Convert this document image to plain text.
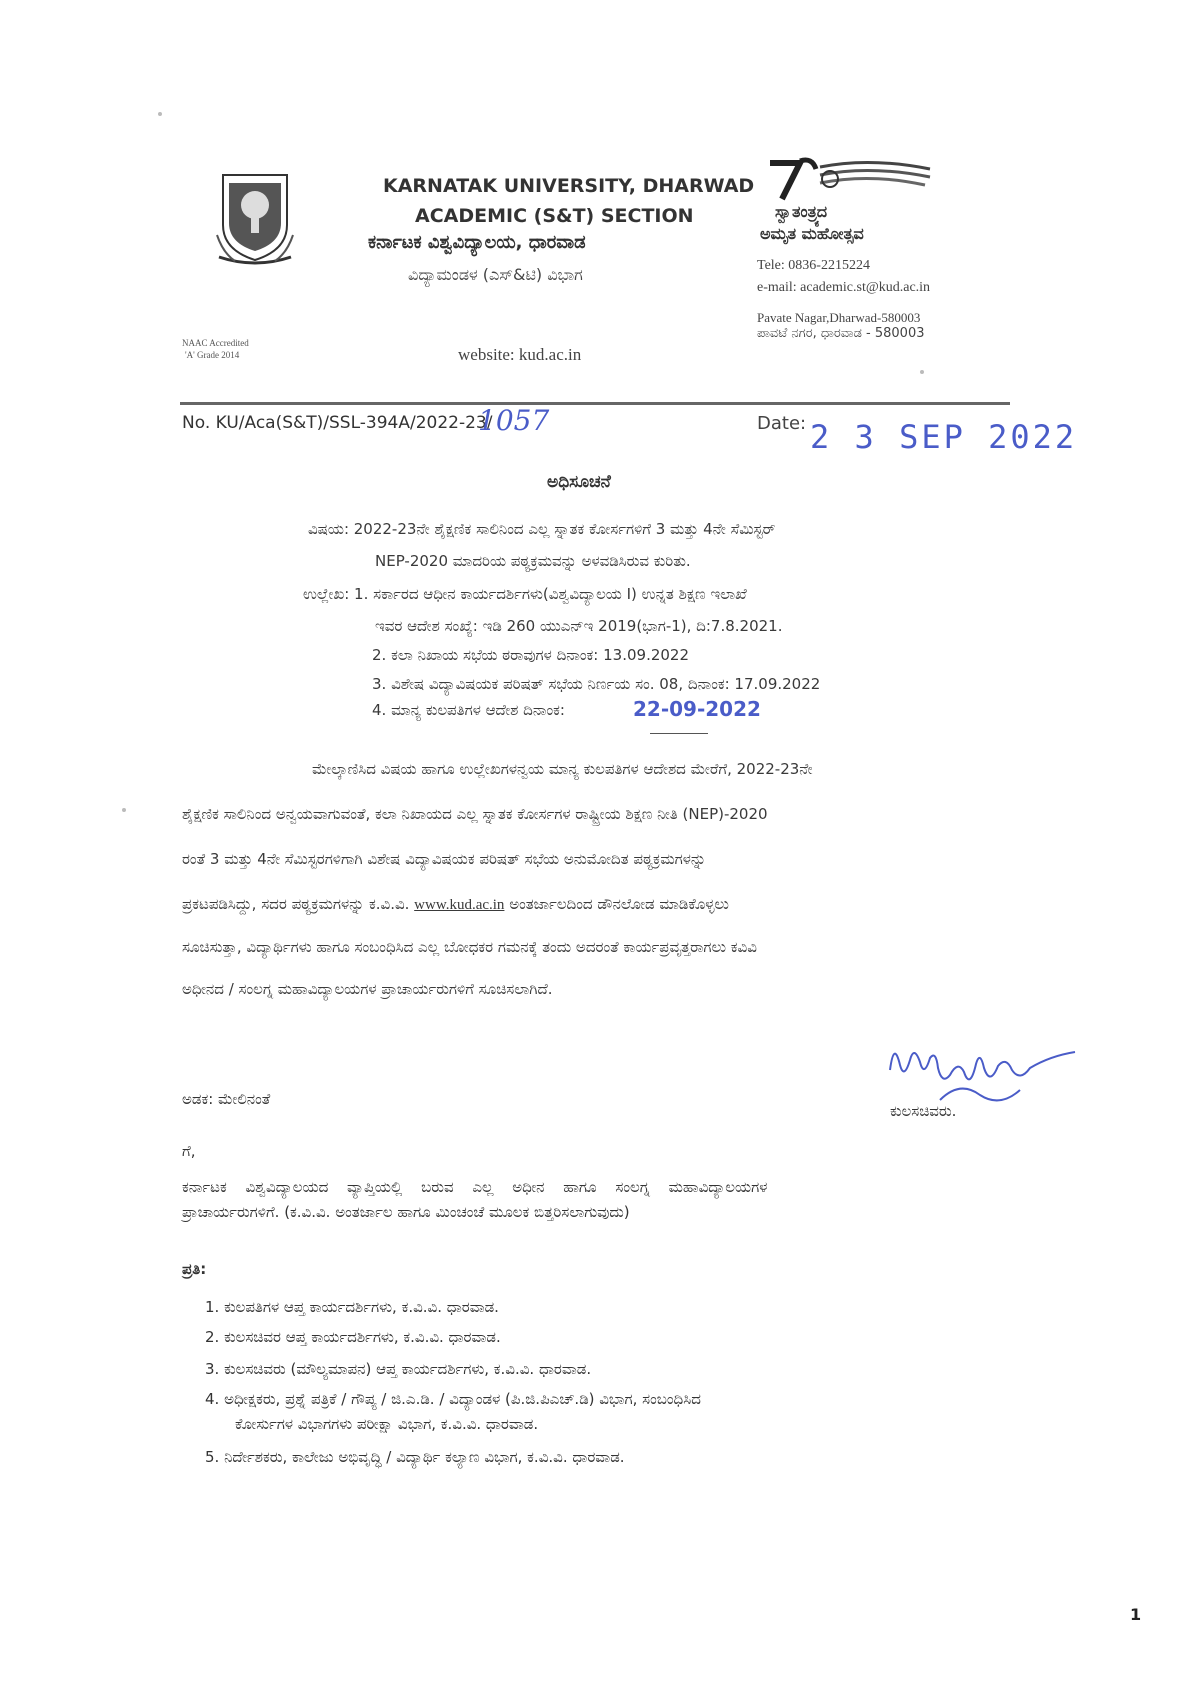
KARNATAK UNIVERSITY, DHARWAD
ACADEMIC (S&T) SECTION
ಕರ್ನಾಟಕ ವಿಶ್ವವಿದ್ಯಾಲಯ, ಧಾರವಾಡ
ವಿದ್ಯಾಮಂಡಳ (ಎಸ್&ಟಿ) ವಿಭಾಗ
NAAC Accredited
'A' Grade 2014	website: kud.ac.in
ಸ್ವಾತಂತ್ರ್ಯದ
ಅಮೃತ ಮಹೋತ್ಸವ
Tele: 0836-2215224
e-mail: academic.st@kud.ac.in
Pavate Nagar,Dharwad-580003
ಪಾವಟೆ ನಗರ, ಧಾರವಾಡ - 580003
No. KU/Aca(S&T)/SSL-394A/2022-23/
1057	Date: 2 3 SEP 2022
ಅಧಿಸೂಚನೆ
ವಿಷಯ: 2022-23ನೇ ಶೈಕ್ಷಣಿಕ ಸಾಲಿನಿಂದ ಎಲ್ಲ ಸ್ನಾತಕ ಕೋರ್ಸಗಳಿಗೆ 3 ಮತ್ತು 4ನೇ ಸೆಮಿಸ್ಟರ್
NEP-2020 ಮಾದರಿಯ ಪಠ್ಯಕ್ರಮವನ್ನು ಅಳವಡಿಸಿರುವ ಕುರಿತು.
ಉಲ್ಲೇಖ: 1. ಸರ್ಕಾರದ ಆಧೀನ ಕಾರ್ಯದರ್ಶಿಗಳು(ವಿಶ್ವವಿದ್ಯಾಲಯ I) ಉನ್ನತ ಶಿಕ್ಷಣ ಇಲಾಖೆ
ಇವರ ಆದೇಶ ಸಂಖ್ಯೆ: ಇಡಿ 260 ಯುಎನ್ಇ 2019(ಭಾಗ-1), ದಿ:7.8.2021.
2. ಕಲಾ ನಿಖಾಯ ಸಭೆಯ ಠರಾವುಗಳ ದಿನಾಂಕ: 13.09.2022
3. ವಿಶೇಷ ವಿದ್ಯಾವಿಷಯಕ ಪರಿಷತ್ ಸಭೆಯ ನಿರ್ಣಯ ಸಂ. 08, ದಿನಾಂಕ: 17.09.2022
4. ಮಾನ್ಯ ಕುಲಪತಿಗಳ ಆದೇಶ ದಿನಾಂಕ:	22-09-2022
ಮೇಲ್ಕಾಣಿಸಿದ ವಿಷಯ ಹಾಗೂ ಉಲ್ಲೇಖಗಳನ್ವಯ ಮಾನ್ಯ ಕುಲಪತಿಗಳ ಆದೇಶದ ಮೇರೆಗೆ, 2022-23ನೇ
ಶೈಕ್ಷಣಿಕ ಸಾಲಿನಿಂದ ಅನ್ವಯವಾಗುವಂತೆ, ಕಲಾ ನಿಖಾಯದ ಎಲ್ಲ ಸ್ನಾತಕ ಕೋರ್ಸಗಳ ರಾಷ್ಟ್ರೀಯ ಶಿಕ್ಷಣ ನೀತಿ (NEP)-2020
ರಂತೆ 3 ಮತ್ತು 4ನೇ ಸೆಮಿಸ್ಟರಗಳಿಗಾಗಿ ವಿಶೇಷ ವಿದ್ಯಾವಿಷಯಕ ಪರಿಷತ್ ಸಭೆಯ ಅನುಮೋದಿತ ಪಠ್ಯಕ್ರಮಗಳನ್ನು
ಪ್ರಕಟಪಡಿಸಿದ್ದು, ಸದರ ಪಠ್ಯಕ್ರಮಗಳನ್ನು ಕ.ವಿ.ವಿ. www.kud.ac.in ಅಂತರ್ಜಾಲದಿಂದ ಡೌನಲೋಡ ಮಾಡಿಕೊಳ್ಳಲು
ಸೂಚಿಸುತ್ತಾ, ವಿದ್ಯಾರ್ಥಿಗಳು ಹಾಗೂ ಸಂಬಂಧಿಸಿದ ಎಲ್ಲ ಬೋಧಕರ ಗಮನಕ್ಕೆ ತಂದು ಅದರಂತೆ ಕಾರ್ಯಪ್ರವೃತ್ತರಾಗಲು ಕವಿವಿ
ಅಧೀನದ / ಸಂಲಗ್ನ ಮಹಾವಿದ್ಯಾಲಯಗಳ ಪ್ರಾಚಾರ್ಯರುಗಳಿಗೆ ಸೂಚಿಸಲಾಗಿದೆ.
ಕುಲಸಚಿವರು.
ಅಡಕ: ಮೇಲಿನಂತೆ
ಗೆ,
ಕರ್ನಾಟಕ ವಿಶ್ವವಿದ್ಯಾಲಯದ ವ್ಯಾಪ್ತಿಯಲ್ಲಿ ಬರುವ ಎಲ್ಲ ಅಧೀನ ಹಾಗೂ ಸಂಲಗ್ನ ಮಹಾವಿದ್ಯಾಲಯಗಳ
ಪ್ರಾಚಾರ್ಯರುಗಳಿಗೆ. (ಕ.ವಿ.ವಿ. ಅಂತರ್ಜಾಲ ಹಾಗೂ ಮಿಂಚಂಚೆ ಮೂಲಕ ಬಿತ್ತರಿಸಲಾಗುವುದು)
ಪ್ರತಿ:
1. ಕುಲಪತಿಗಳ ಆಪ್ತ ಕಾರ್ಯದರ್ಶಿಗಳು, ಕ.ವಿ.ವಿ. ಧಾರವಾಡ.
2. ಕುಲಸಚಿವರ ಆಪ್ತ ಕಾರ್ಯದರ್ಶಿಗಳು, ಕ.ವಿ.ವಿ. ಧಾರವಾಡ.
3. ಕುಲಸಚಿವರು (ಮೌಲ್ಯಮಾಪನ) ಆಪ್ತ ಕಾರ್ಯದರ್ಶಿಗಳು, ಕ.ವಿ.ವಿ. ಧಾರವಾಡ.
4. ಅಧೀಕ್ಷಕರು, ಪ್ರಶ್ನೆ ಪತ್ರಿಕೆ / ಗೌಪ್ಯ / ಜಿ.ಎ.ಡಿ. / ವಿದ್ಯಾಂಡಳ (ಪಿ.ಜಿ.ಪಿಎಚ್.ಡಿ) ವಿಭಾಗ, ಸಂಬಂಧಿಸಿದ
ಕೋರ್ಸುಗಳ ವಿಭಾಗಗಳು ಪರೀಕ್ಷಾ ವಿಭಾಗ, ಕ.ವಿ.ವಿ. ಧಾರವಾಡ.
5. ನಿರ್ದೇಶಕರು, ಕಾಲೇಜು ಅಭಿವೃದ್ಧಿ / ವಿದ್ಯಾರ್ಥಿ ಕಲ್ಯಾಣ ವಿಭಾಗ, ಕ.ವಿ.ವಿ. ಧಾರವಾಡ.
1
